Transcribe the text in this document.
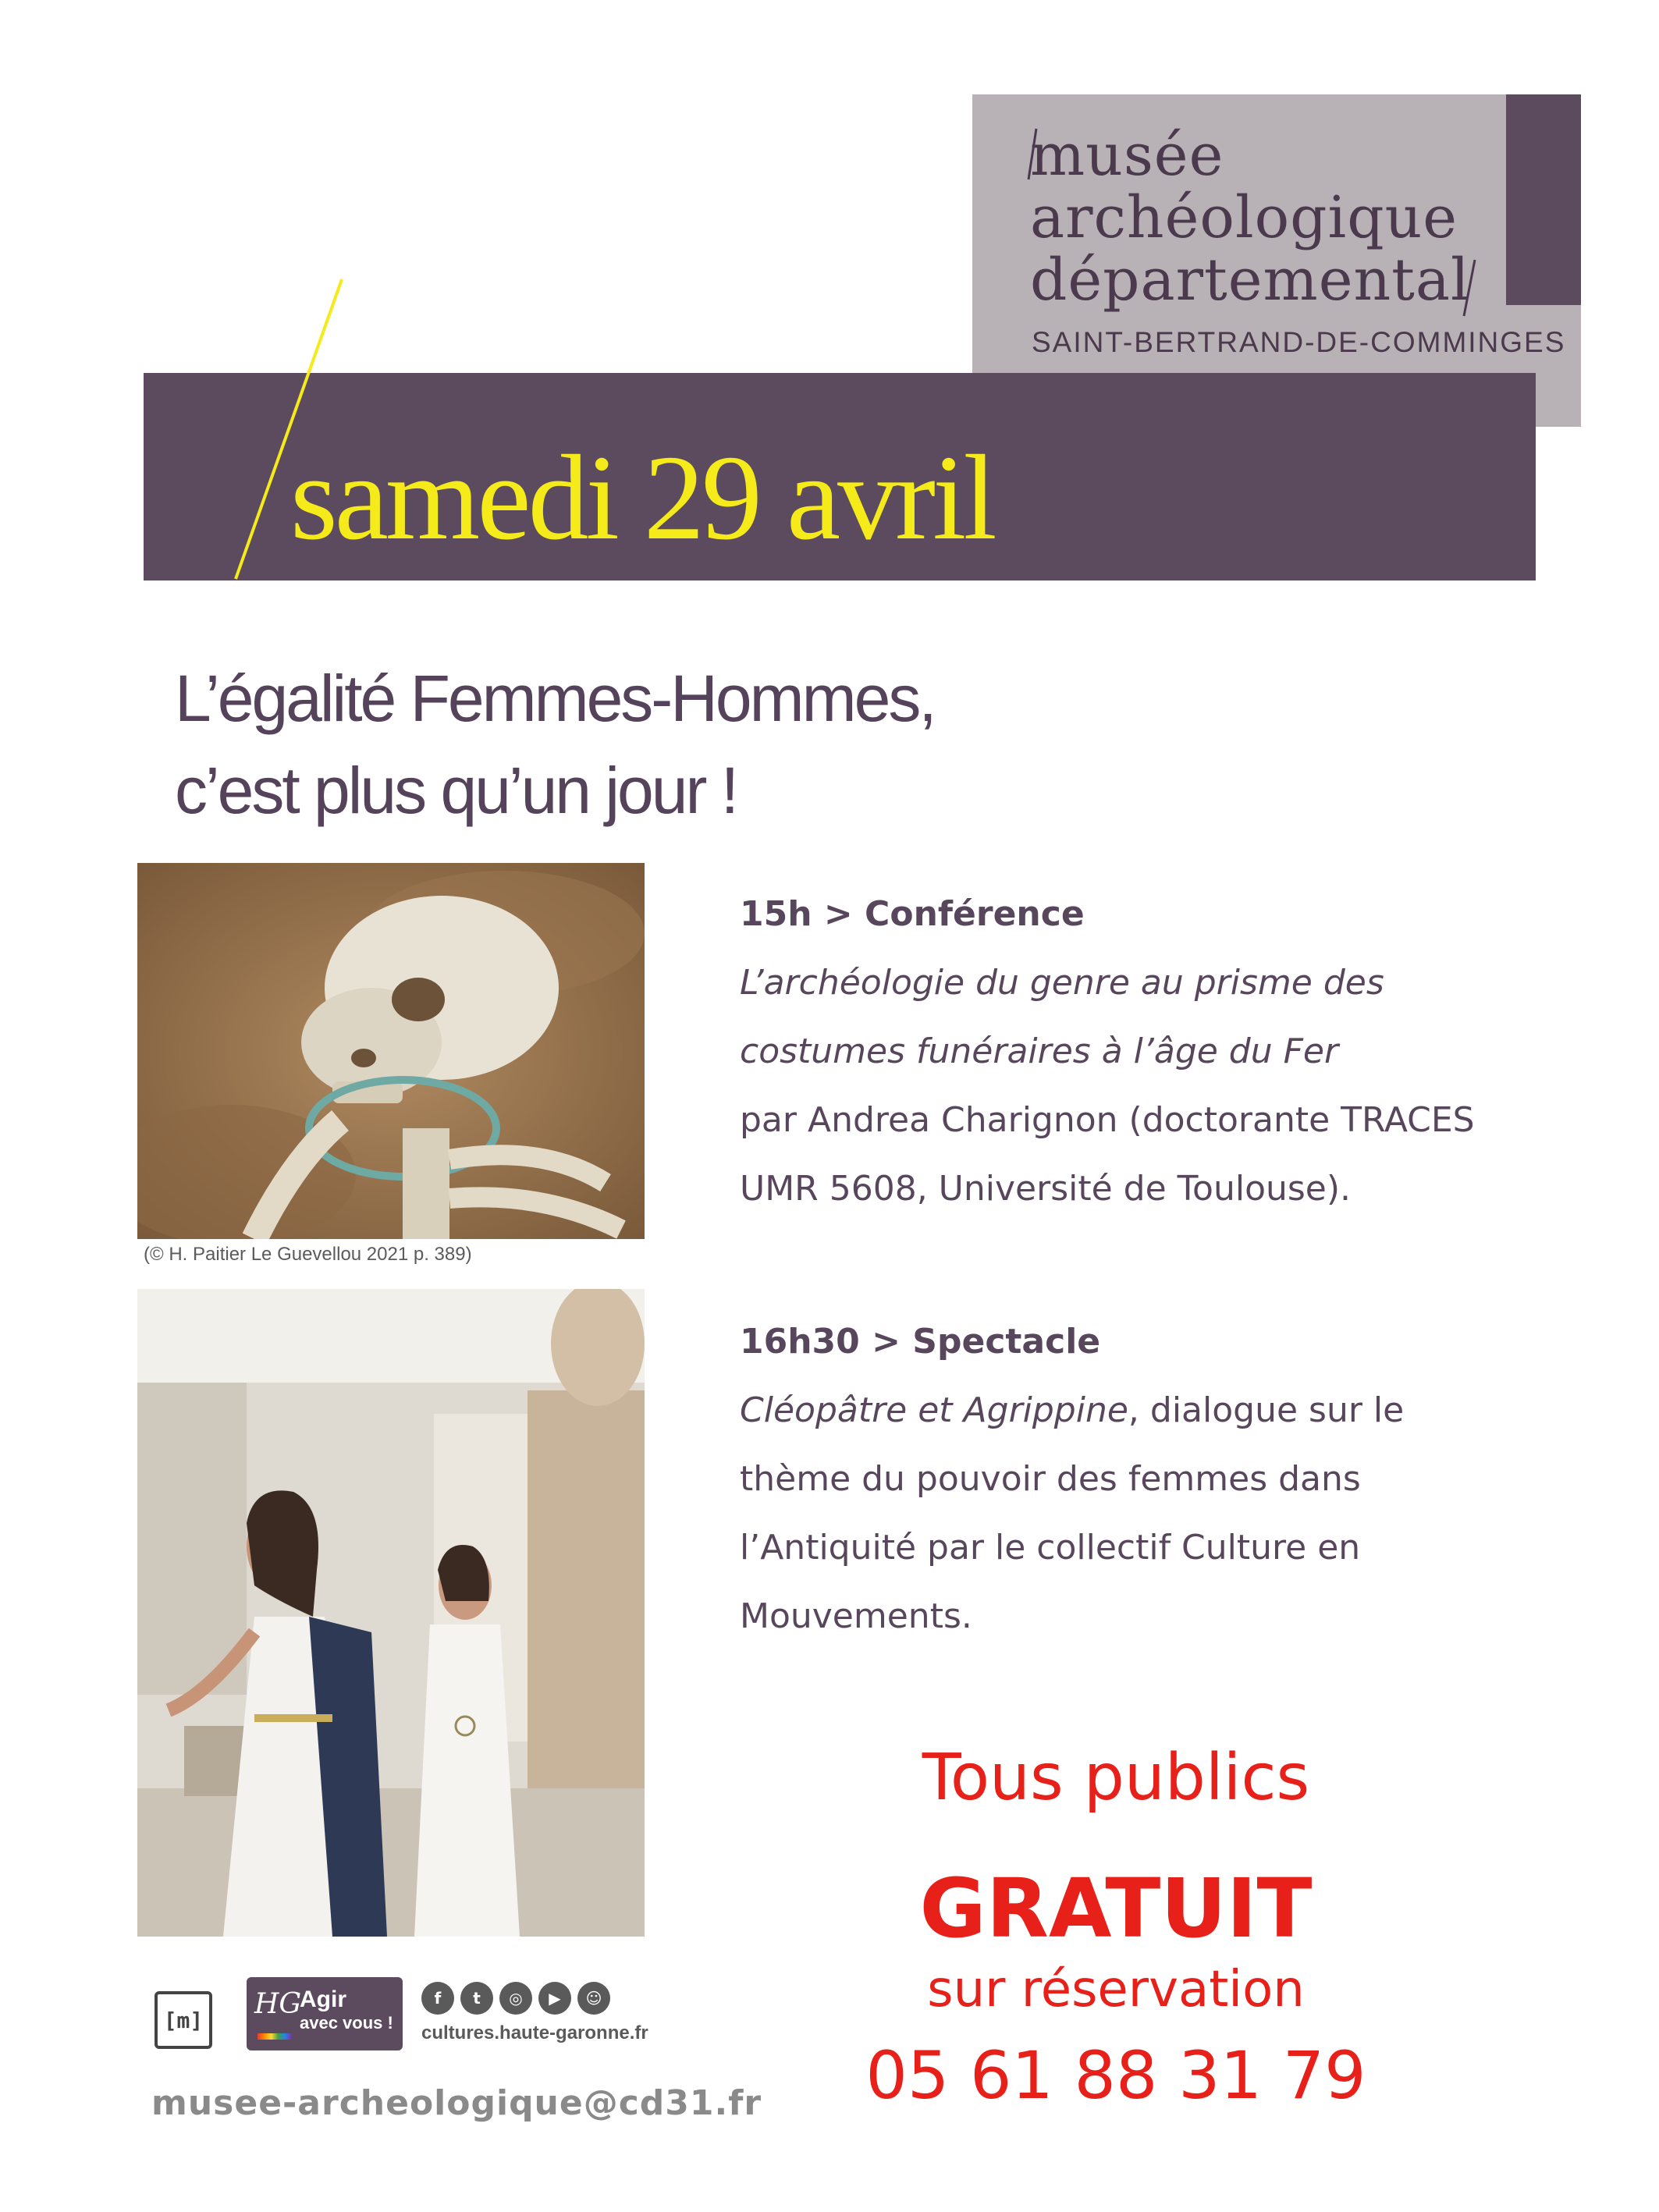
musée
archéologique
départemental
SAINT-BERTRAND-DE-COMMINGES
samedi 29 avril
L’égalité Femmes-Hommes,
c’est plus qu’un jour !
(© H. Paitier Le Guevellou 2021 p. 389)
15h > Conférence
L’archéologie du genre au prisme des
costumes funéraires à l’âge du Fer
par Andrea Charignon (doctorante TRACES
UMR 5608, Université de Toulouse).
16h30 > Spectacle
Cléopâtre et Agrippine, dialogue sur le
thème du pouvoir des femmes dans
l’Antiquité par le collectif Culture en
Mouvements.
Tous publics
GRATUIT
sur réservation
05 61 88 31 79
[m]	HG
Agir
avec vous !
f	t	◎	▶	☺
cultures.haute-garonne.fr
musee-archeologique@cd31.fr
